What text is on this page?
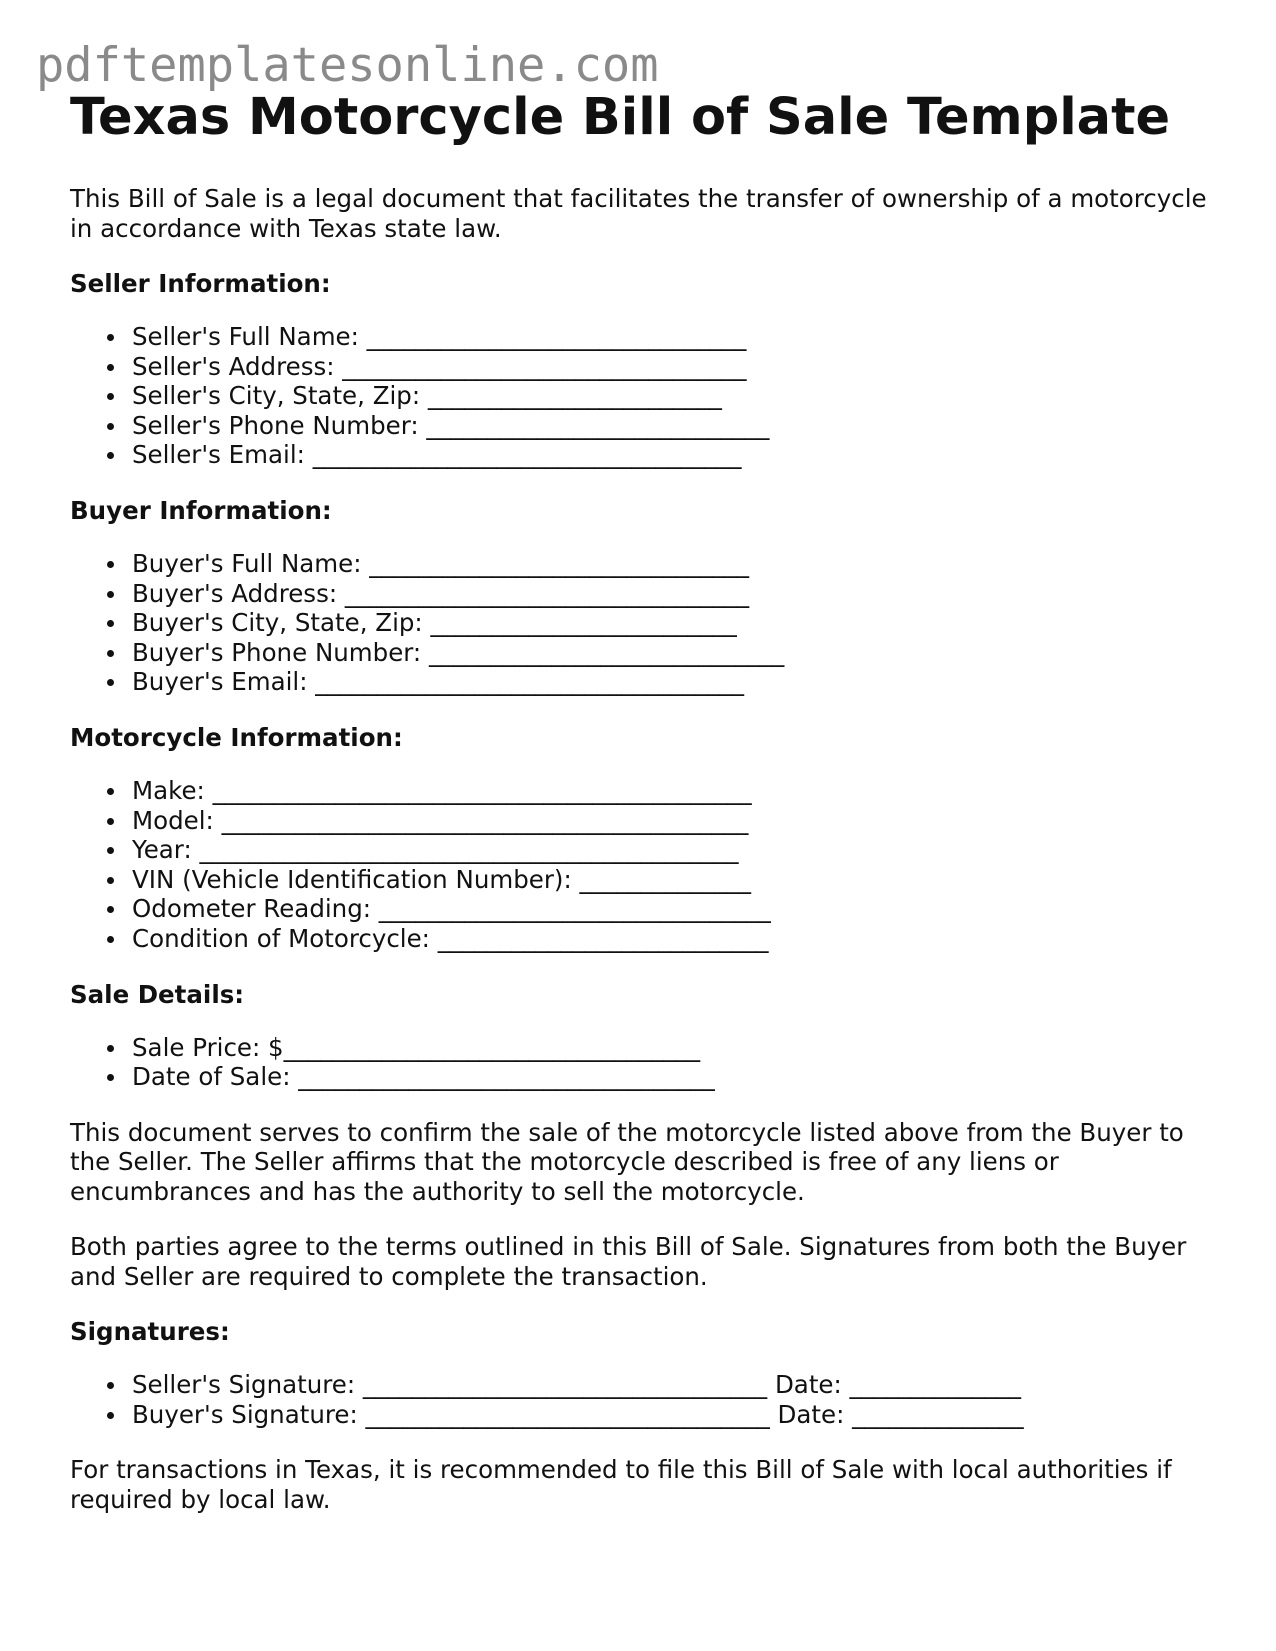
pdftemplatesonline.com
Texas Motorcycle Bill of Sale Template

This Bill of Sale is a legal document that facilitates the transfer of ownership of a motorcycle in accordance with Texas state law.

Seller Information:
Seller's Full Name: _______________________________
Seller's Address: _________________________________
Seller's City, State, Zip: ________________________
Seller's Phone Number: ____________________________
Seller's Email: ___________________________________
Buyer Information:
Buyer's Full Name: _______________________________
Buyer's Address: _________________________________
Buyer's City, State, Zip: _________________________
Buyer's Phone Number: _____________________________
Buyer's Email: ___________________________________
Motorcycle Information:
Make: ____________________________________________
Model: ___________________________________________
Year: ____________________________________________
VIN (Vehicle Identification Number): ______________
Odometer Reading: ________________________________
Condition of Motorcycle: ___________________________
Sale Details:
Sale Price: $__________________________________
Date of Sale: __________________________________

This document serves to confirm the sale of the motorcycle listed above from the Buyer to the Seller. The Seller affirms that the motorcycle described is free of any liens or encumbrances and has the authority to sell the motorcycle.

Both parties agree to the terms outlined in this Bill of Sale. Signatures from both the Buyer and Seller are required to complete the transaction.

Signatures:
Seller's Signature: _________________________________ Date: ______________
Buyer's Signature: _________________________________ Date: ______________

For transactions in Texas, it is recommended to file this Bill of Sale with local authorities if required by local law.
